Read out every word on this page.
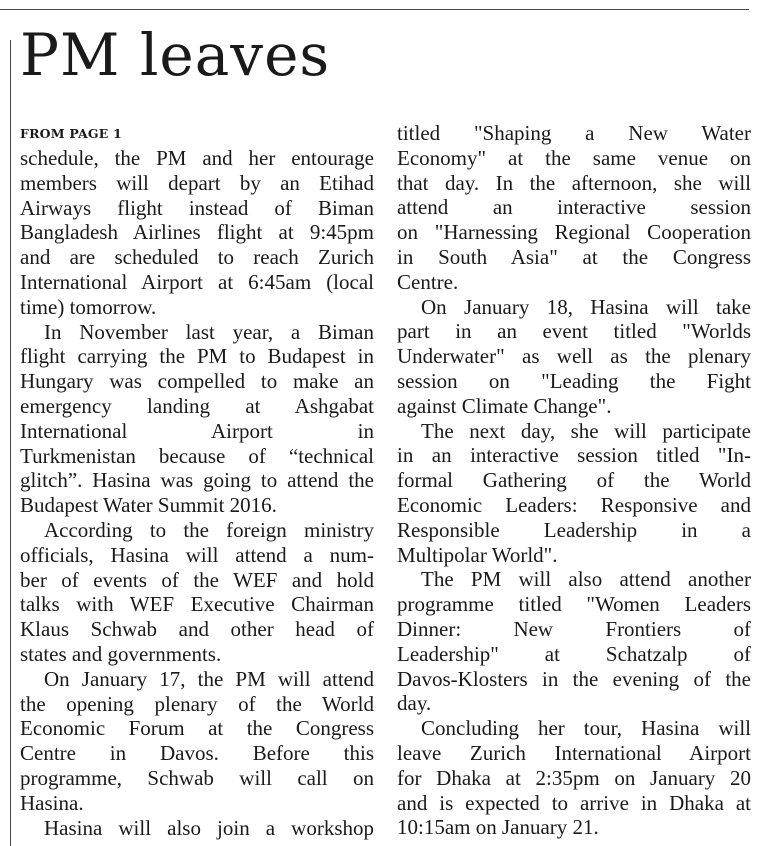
PM leaves
FROM PAGE 1
schedule, the PM and her entourage
members will depart by an Etihad
Airways flight instead of Biman
Bangladesh Airlines flight at 9:45pm
and are scheduled to reach Zurich
International Airport at 6:45am (local
time) tomorrow.
In November last year, a Biman
flight carrying the PM to Budapest in
Hungary was compelled to make an
emergency landing at Ashgabat
International Airport in
Turkmenistan because of “technical
glitch”. Hasina was going to attend the
Budapest Water Summit 2016.
According to the foreign ministry
officials, Hasina will attend a num-
ber of events of the WEF and hold
talks with WEF Executive Chairman
Klaus Schwab and other head of
states and governments.
On January 17, the PM will attend
the opening plenary of the World
Economic Forum at the Congress
Centre in Davos. Before this
programme, Schwab will call on
Hasina.
Hasina will also join a workshop
titled "Shaping a New Water
Economy" at the same venue on
that day. In the afternoon, she will
attend an interactive session
on "Harnessing Regional Cooperation
in South Asia" at the Congress
Centre.
On January 18, Hasina will take
part in an event titled "Worlds
Underwater" as well as the plenary
session on "Leading the Fight
against Climate Change".
The next day, she will participate
in an interactive session titled "In-
formal Gathering of the World
Economic Leaders: Responsive and
Responsible Leadership in a
Multipolar World".
The PM will also attend another
programme titled "Women Leaders
Dinner: New Frontiers of
Leadership" at Schatzalp of
Davos-Klosters in the evening of the
day.
Concluding her tour, Hasina will
leave Zurich International Airport
for Dhaka at 2:35pm on January 20
and is expected to arrive in Dhaka at
10:15am on January 21.
